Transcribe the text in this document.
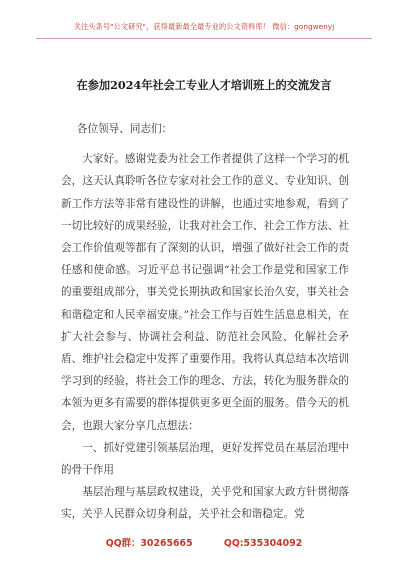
关注头条号"公文研究"，获得最新最全最专业的公文资料库！ 微信：gongwenyj
在参加2024年社会工专业人才培训班上的交流发言

各位领导、同志们：

大家好。感谢党委为社会工作者提供了这样一个学习的机会，这天认真聆听各位专家对社会工作的意义、专业知识、创新工作方法等非常有建设性的讲解，也通过实地参观，看到了一切比较好的成果经验，让我对社会工作、社会工作方法、社会工作价值观等都有了深刻的认识，增强了做好社会工作的责任感和使命感。习近平总书记强调“社会工作是党和国家工作的重要组成部分，事关党长期执政和国家长治久安，事关社会和谐稳定和人民幸福安康。”社会工作与百姓生活息息相关，在扩大社会参与、协调社会利益、防范社会风险、化解社会矛盾、维护社会稳定中发挥了重要作用。我将认真总结本次培训学习到的经验，将社会工作的理念、方法，转化为服务群众的本领为更多有需要的群体提供更多更全面的服务。借今天的机会，也跟大家分享几点想法：

一、抓好党建引领基层治理，更好发挥党员在基层治理中的骨干作用

基层治理与基层政权建设，关乎党和国家大政方针贯彻落实，关乎人民群众切身利益，关乎社会和谐稳定。党

QQ群：30265665	QQ:535304092
